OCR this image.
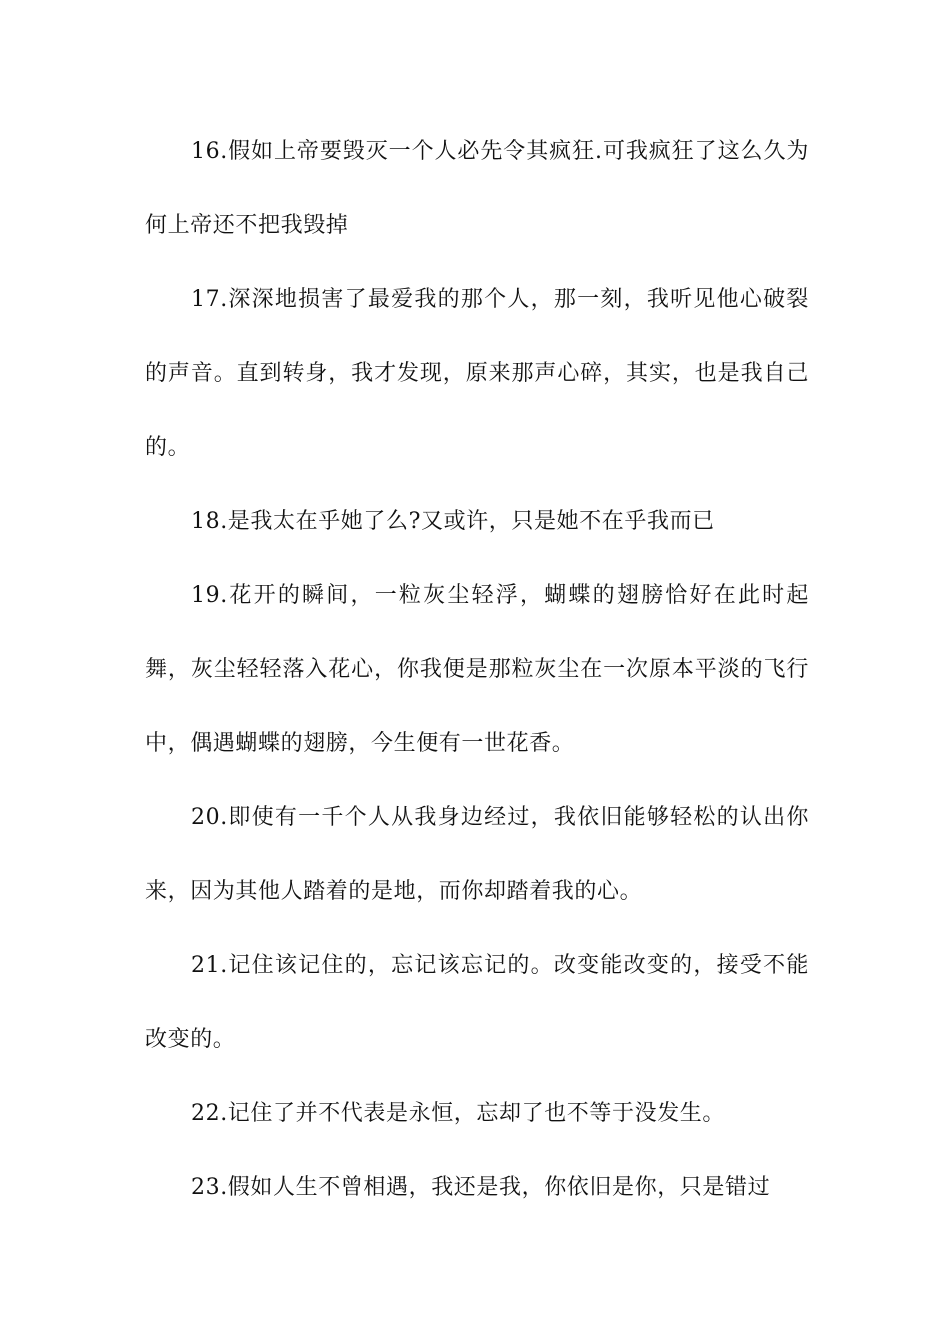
16.假如上帝要毁灭一个人必先令其疯狂.可我疯狂了这么久为何上帝还不把我毁掉

17.深深地损害了最爱我的那个人，那一刻，我听见他心破裂的声音。直到转身，我才发现，原来那声心碎，其实，也是我自己的。

18.是我太在乎她了么?又或许，只是她不在乎我而已

19.花开的瞬间，一粒灰尘轻浮，蝴蝶的翅膀恰好在此时起舞，灰尘轻轻落入花心，你我便是那粒灰尘在一次原本平淡的飞行中，偶遇蝴蝶的翅膀，今生便有一世花香。

20.即使有一千个人从我身边经过，我依旧能够轻松的认出你来，因为其他人踏着的是地，而你却踏着我的心。

21.记住该记住的，忘记该忘记的。改变能改变的，接受不能改变的。

22.记住了并不代表是永恒，忘却了也不等于没发生。

23.假如人生不曾相遇，我还是我，你依旧是你，只是错过
